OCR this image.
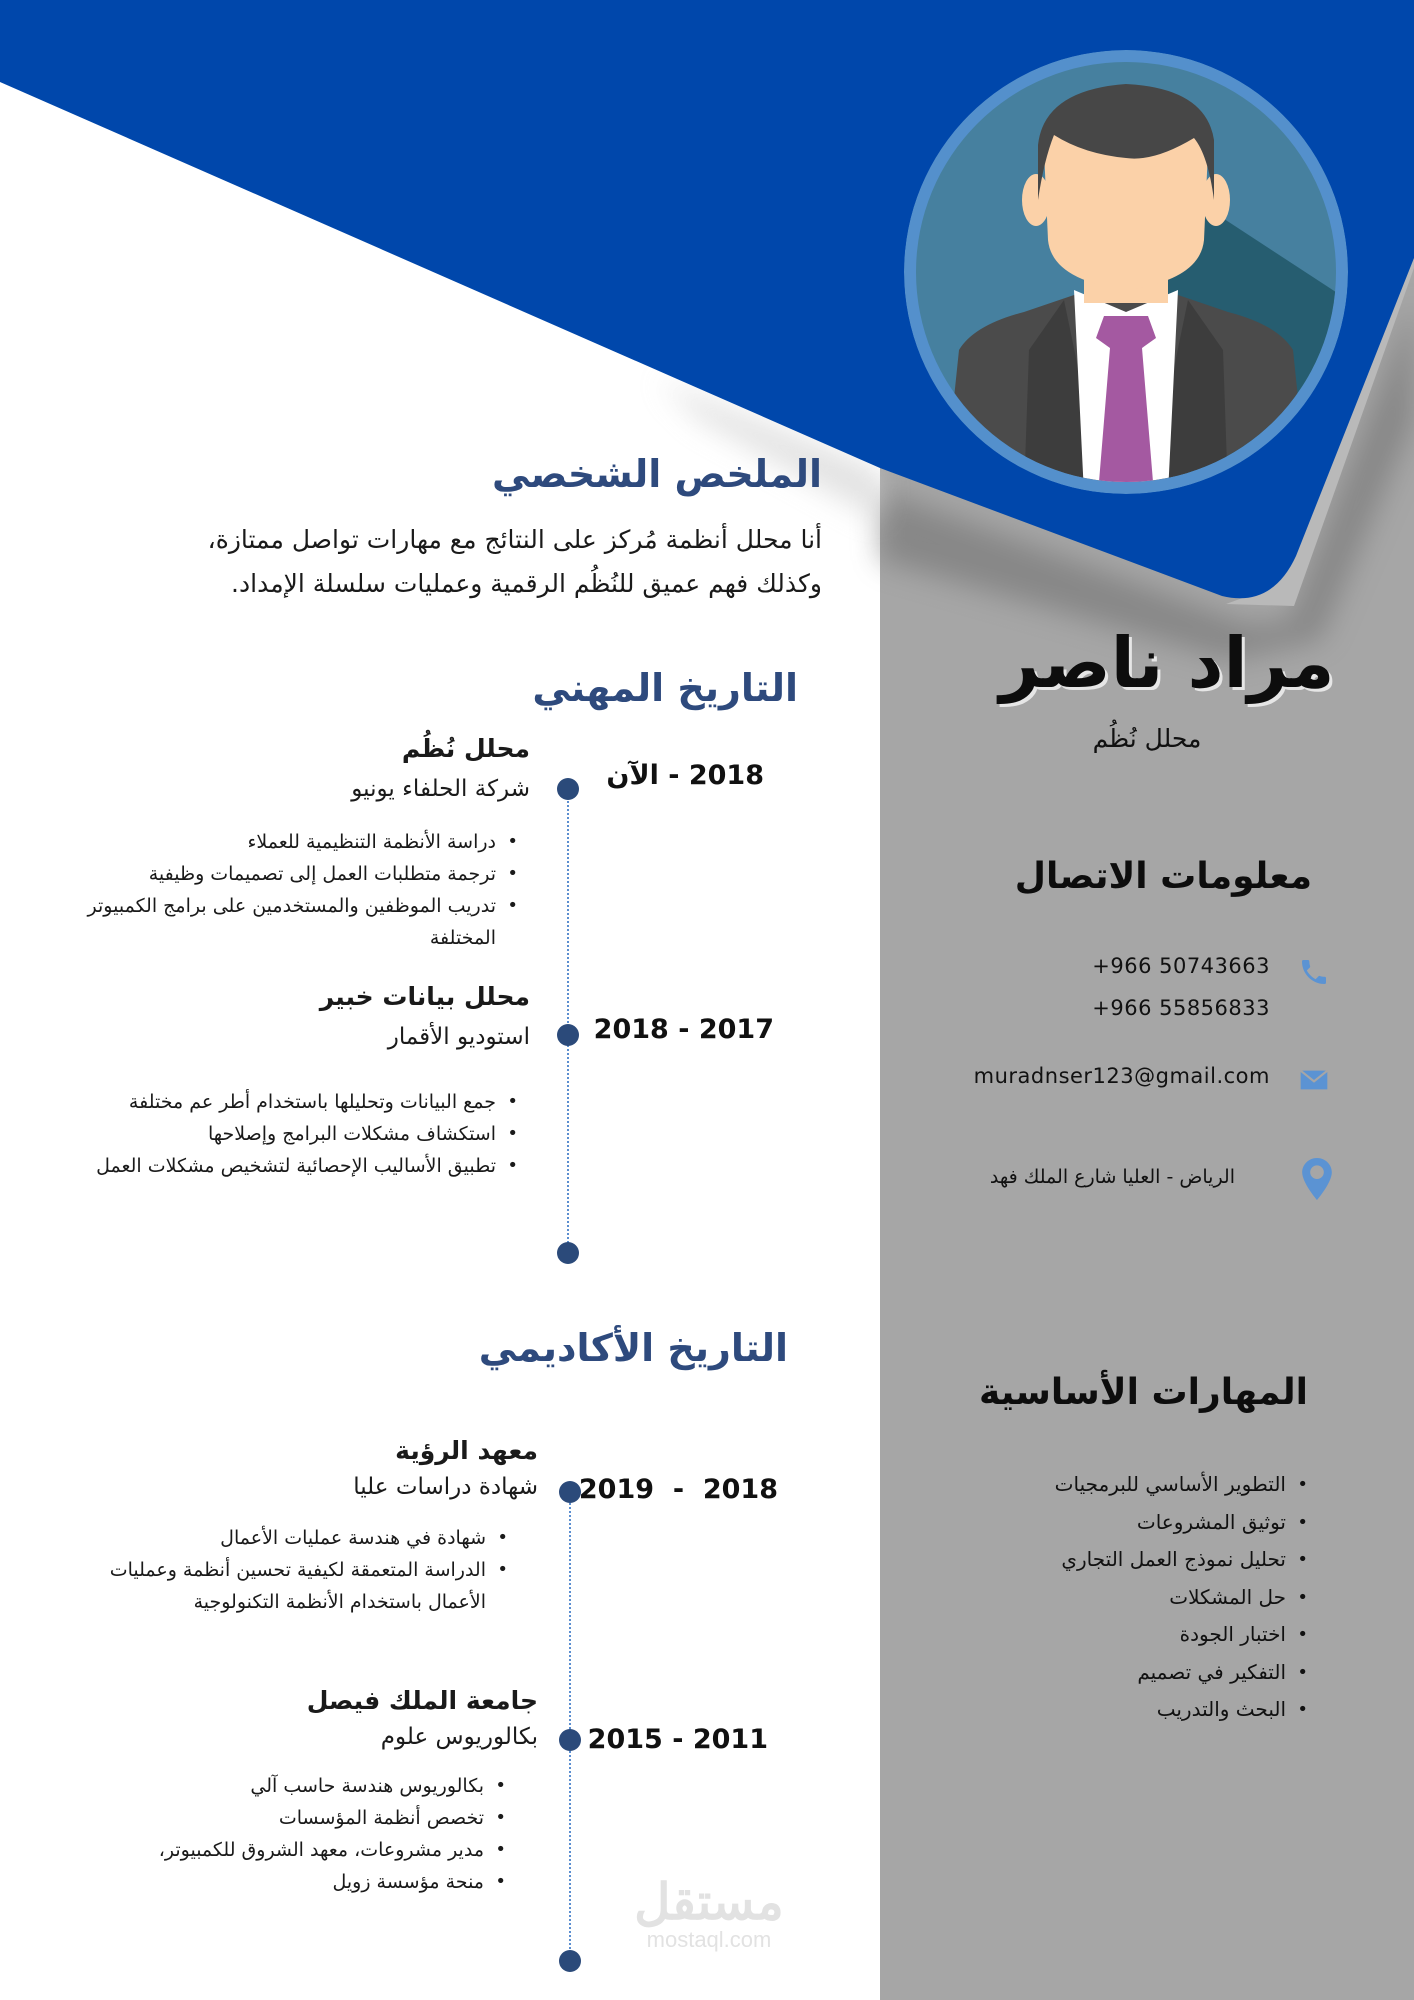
الملخص الشخصي
أنا محلل أنظمة مُركز على النتائج مع مهارات تواصل ممتازة،
وكذلك فهم عميق للنُظُم الرقمية وعمليات سلسلة الإمداد.
التاريخ المهني
2018 - الآن
محلل نُظُم
شركة الحلفاء يونيو
• دراسة الأنظمة التنظيمية للعملاء
• ترجمة متطلبات العمل إلى تصميمات وظيفية
• تدريب الموظفين والمستخدمين على برامج الكمبيوتر المختلفة
2017 - 2018
محلل بيانات خبير
استوديو الأقمار
• جمع البيانات وتحليلها باستخدام أطر عم مختلفة
• استكشاف مشكلات البرامج وإصلاحها
• تطبيق الأساليب الإحصائية لتشخيص مشكلات العمل
التاريخ الأكاديمي
2018  -  2019
معهد الرؤية
شهادة دراسات عليا
• شهادة في هندسة عمليات الأعمال
• الدراسة المتعمقة لكيفية تحسين أنظمة وعمليات الأعمال باستخدام الأنظمة التكنولوجية
2011 - 2015
جامعة الملك فيصل
بكالوريوس علوم
• بكالوريوس هندسة حاسب آلي
• تخصص أنظمة المؤسسات
• مدير مشروعات، معهد الشروق للكمبيوتر،
• منحة مؤسسة زويل
مراد ناصر
محلل نُظُم
معلومات الاتصال
+966 50743663
+966 55856833
muradnser123@gmail.com
الرياض - العليا شارع الملك فهد
المهارات الأساسية
• التطوير الأساسي للبرمجيات
• توثيق المشروعات
• تحليل نموذج العمل التجاري
• حل المشكلات
• اختبار الجودة
• التفكير في تصميم
• البحث والتدريب
مستقل
mostaql.com
